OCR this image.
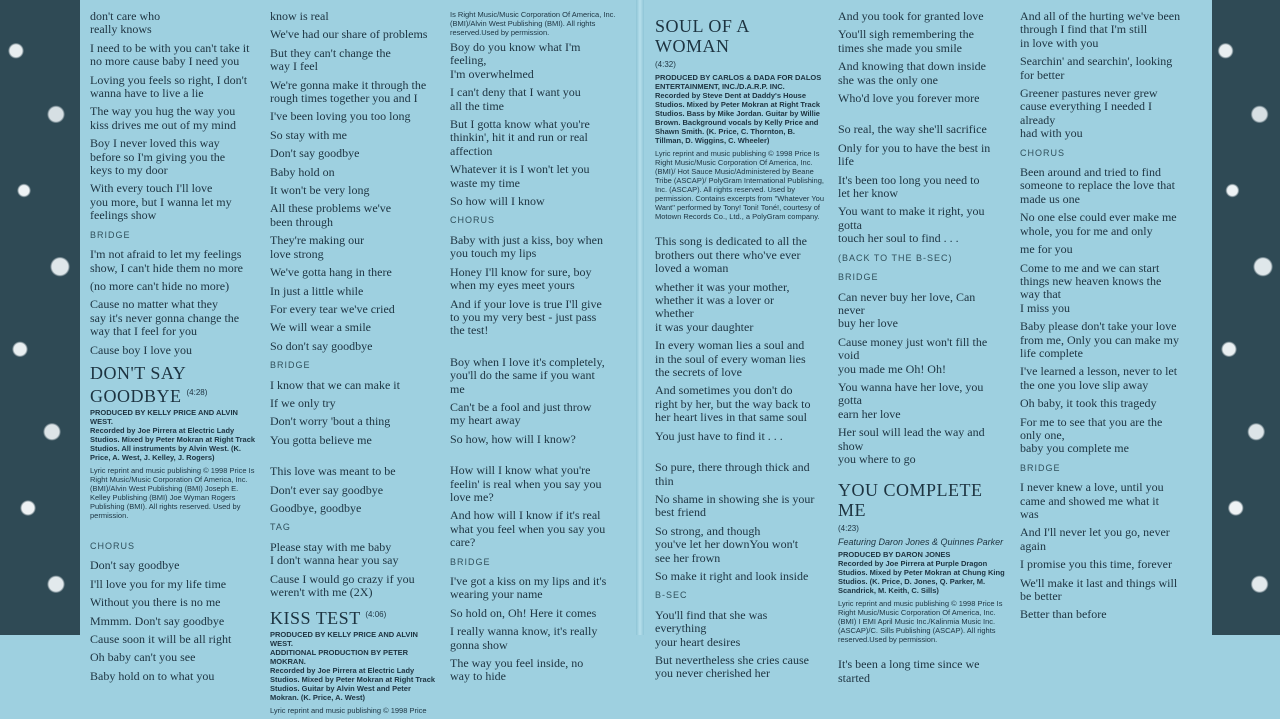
don't care who
really knows

I need to be with you can't take it
no more cause baby I need you

Loving you feels so right, I don't
wanna have to live a lie

The way you hug the way you
kiss drives me out of my mind

Boy I never loved this way
before so I'm giving you the
keys to my door

With every touch I'll love
you more, but I wanna let my
feelings show

BRIDGE

I'm not afraid to let my feelings
show, I can't hide them no more

(no more can't hide no more)

Cause no matter what they
say it's never gonna change the
way that I feel for you

Cause boy I love you

DON'T SAY GOODBYE $^{(4:28)}$
PRODUCED BY KELLY PRICE AND ALVIN WEST.
Recorded by Joe Pirrera at Electric Lady Studios. Mixed by Peter Mokran at Right Track Studios. All instruments by Alvin West. (K. Price, A. West, J. Kelley, J. Rogers)
Lyric reprint and music publishing © 1998 Price Is Right Music/Music Corporation Of America, Inc. (BMI)/Alvin West Publishing (BMI) Joseph E. Kelley Publishing (BMI) Joe Wyman Rogers Publishing (BMI). All rights reserved. Used by permission.
CHORUS

Don't say goodbye

I'll love you for my life time

Without you there is no me

Mmmm. Don't say goodbye

Cause soon it will be all right

Oh baby can't you see

Baby hold on to what you

know is real

We've had our share of problems

But they can't change the
way I feel

We're gonna make it through the
rough times together you and I

I've been loving you too long

So stay with me

Don't say goodbye

Baby hold on

It won't be very long

All these problems we've
been through

They're making our
love strong

We've gotta hang in there

In just a little while

For every tear we've cried

We will wear a smile

So don't say goodbye

BRIDGE

I know that we can make it

If we only try

Don't worry 'bout a thing

You gotta believe me

This love was meant to be

Don't ever say goodbye

Goodbye, goodbye

TAG

Please stay with me baby
I don't wanna hear you say

Cause I would go crazy if you
weren't with me (2X)

KISS TEST $^{(4:06)}$
PRODUCED BY KELLY PRICE AND ALVIN WEST.
ADDITIONAL PRODUCTION BY PETER MOKRAN.
Recorded by Joe Pirrera at Electric Lady Studios. Mixed by Peter Mokran at Right Track Studios. Guitar by Alvin West and Peter Mokran. (K. Price, A. West)
Lyric reprint and music publishing © 1998 Price
Is Right Music/Music Corporation Of America, Inc. (BMI)/Alvin West Publishing (BMI). All rights reserved.Used by permission.

Boy do you know what I'm
feeling,
I'm overwhelmed

I can't deny that I want you
all the time

But I gotta know what you're
thinkin', hit it and run or real
affection

Whatever it is I won't let you
waste my time

So how will I know

CHORUS

Baby with just a kiss, boy when
you touch my lips

Honey I'll know for sure, boy
when my eyes meet yours

And if your love is true I'll give
to you my very best - just pass
the test!

Boy when I love it's completely,
you'll do the same if you want
me

Can't be a fool and just throw
my heart away

So how, how will I know?

How will I know what you're
feelin' is real when you say you
love me?

And how will I know if it's real
what you feel when you say you
care?

BRIDGE

I've got a kiss on my lips and it's
wearing your name

So hold on, Oh! Here it comes

I really wanna know, it's really
gonna show

The way you feel inside, no
way to hide

SOUL OF A WOMAN
(4:32)
PRODUCED BY CARLOS & DADA FOR DALOS ENTERTAINMENT, INC./D.A.R.P. INC.
Recorded by Steve Dent at Daddy's House Studios. Mixed by Peter Mokran at Right Track Studios. Bass by Mike Jordan. Guitar by Willie Brown. Background vocals by Kelly Price and Shawn Smith. (K. Price, C. Thornton, B. Tillman, D. Wiggins, C. Wheeler)
Lyric reprint and music publishing © 1998 Price Is Right Music/Music Corporation Of America, Inc. (BMI)/ Hot Sauce Music/Administered by Beane Tribe (ASCAP)/ PolyGram International Publishing, Inc. (ASCAP). All rights reserved. Used by permission. Contains excerpts from "Whatever You Want" performed by Tony! Toni! Toné!, courtesy of Motown Records Co., Ltd., a PolyGram company.

This song is dedicated to all the
brothers out there who've ever
loved a woman

whether it was your mother,
whether it was a lover or
whether
it was your daughter

In every woman lies a soul and
in the soul of every woman lies
the secrets of love

And sometimes you don't do
right by her, but the way back to
her heart lives in that same soul

You just have to find it . . .

So pure, there through thick and
thin

No shame in showing she is your
best friend

So strong, and though
you've let her downYou won't
see her frown

So make it right and look inside

B-SEC

You'll find that she was
everything
your heart desires

But nevertheless she cries cause
you never cherished her

And you took for granted love

You'll sigh remembering the
times she made you smile

And knowing that down inside
she was the only one

Who'd love you forever more

So real, the way she'll sacrifice

Only for you to have the best in
life

It's been too long you need to
let her know

You want to make it right, you
gotta
touch her soul to find . . .

(BACK TO THE B-SEC)
BRIDGE

Can never buy her love, Can
never
buy her love

Cause money just won't fill the
void
you made me Oh! Oh!

You wanna have her love, you
gotta
earn her love

Her soul will lead the way and
show
you where to go

YOU COMPLETE ME
(4:23)
Featuring Daron Jones & Quinnes Parker
PRODUCED BY DARON JONES
Recorded by Joe Pirrera at Purple Dragon Studios. Mixed by Peter Mokran at Chung King Studios. (K. Price, D. Jones, Q. Parker, M. Scandrick, M. Keith, C. Sills)
Lyric reprint and music publishing © 1998 Price Is Right Music/Music Corporation Of America, Inc. (BMI) I EMI April Music Inc./Kalinmia Music Inc. (ASCAP)/C. Sills Publishing (ASCAP). All rights reserved.Used by permission.

It's been a long time since we
started

And all of the hurting we've been
through I find that I'm still
in love with you

Searchin' and searchin', looking
for better

Greener pastures never grew
cause everything I needed I
already
had with you

CHORUS

Been around and tried to find
someone to replace the love that
made us one

No one else could ever make me
whole, you for me and only

me for you

Come to me and we can start
things new heaven knows the
way that
I miss you

Baby please don't take your love
from me, Only you can make my
life complete

I've learned a lesson, never to let
the one you love slip away

Oh baby, it took this tragedy

For me to see that you are the
only one,
baby you complete me

BRIDGE

I never knew a love, until you
came and showed me what it
was

And I'll never let you go, never
again

I promise you this time, forever

We'll make it last and things will
be better

Better than before
